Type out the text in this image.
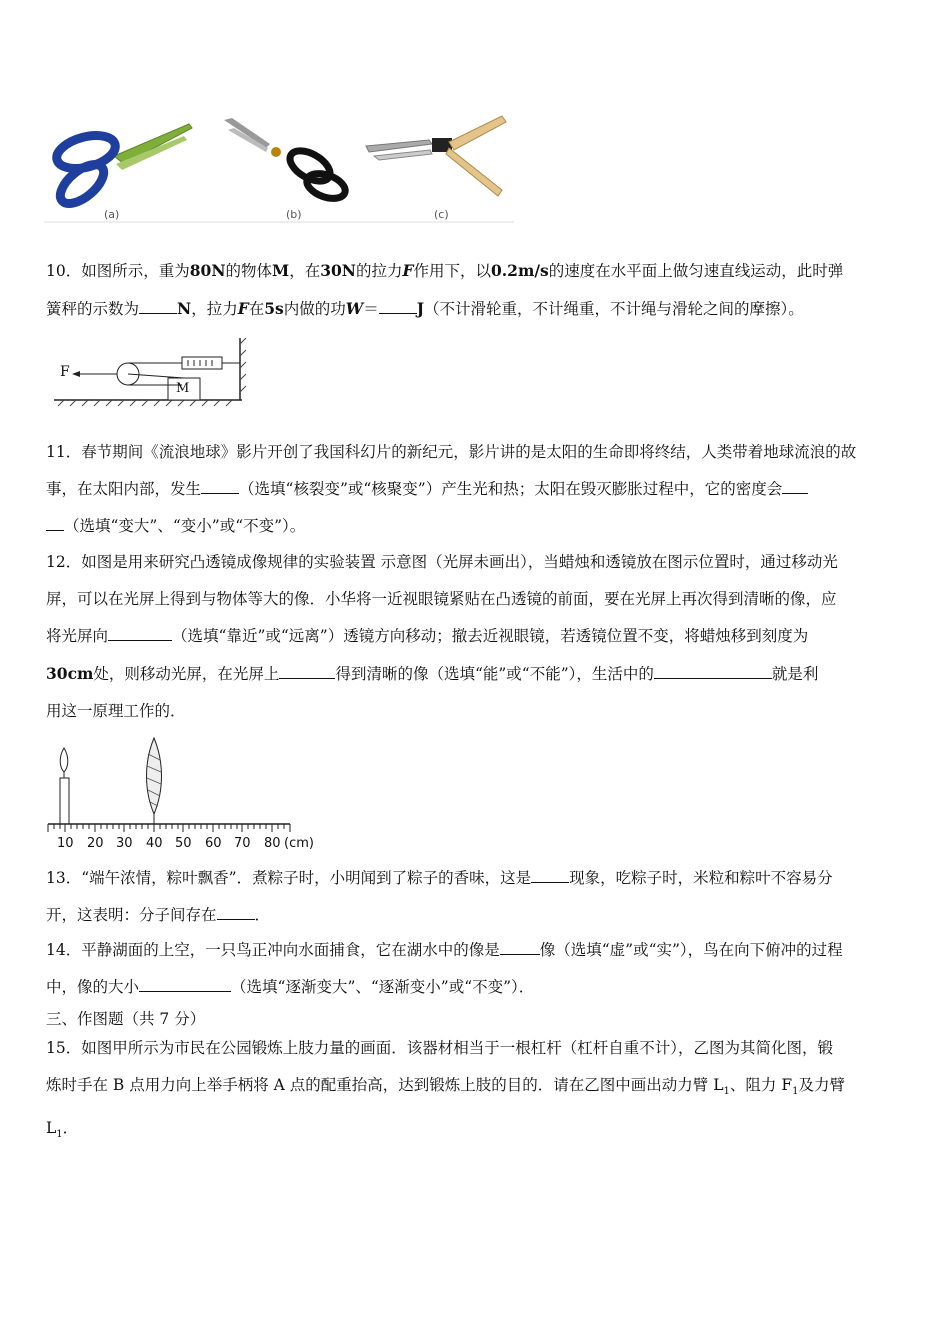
(a)	(b)	(c)

10．如图所示，重为80N的物体M，在30N的拉力F作用下，以0.2m/s的速度在水平面上做匀速直线运动，此时弹

簧秤的示数为 N，拉力F在5s内做的功W＝ J（不计滑轮重，不计绳重，不计绳与滑轮之间的摩擦）。

F
M

11．春节期间《流浪地球》影片开创了我国科幻片的新纪元，影片讲的是太阳的生命即将终结，人类带着地球流浪的故

事，在太阳内部，发生 （选填“核裂变”或“核聚变”）产生光和热；太阳在毁灭膨胀过程中，它的密度会

（选填“变大”、“变小”或“不变”）。

12．如图是用来研究凸透镜成像规律的实验装置 示意图（光屏未画出），当蜡烛和透镜放在图示位置时，通过移动光

屏，可以在光屏上得到与物体等大的像．小华将一近视眼镜紧贴在凸透镜的前面，要在光屏上再次得到清晰的像，应

将光屏向	（选填“靠近”或“远离”）透镜方向移动；撤去近视眼镜，若透镜位置不变，将蜡烛移到刻度为

30cm处，则移动光屏，在光屏上	得到清晰的像（选填“能”或“不能”），生活中的	就是利

用这一原理工作的．

10 20 30 40 50 60 70 80 (cm)

13．“端午浓情，粽叶飘香”．煮粽子时，小明闻到了粽子的香味，这是 现象，吃粽子时，米粒和粽叶不容易分

开，这表明：分子间存在 ．

14．平静湖面的上空，一只鸟正冲向水面捕食，它在湖水中的像是	像（选填“虚”或“实”），鸟在向下俯冲的过程

中，像的大小	（选填“逐渐变大”、“逐渐变小”或“不变”）．

三、作图题（共 7 分）

15．如图甲所示为市民在公园锻炼上肢力量的画面．该器材相当于一根杠杆（杠杆自重不计），乙图为其简化图，锻

炼时手在 B 点用力向上举手柄将 A 点的配重抬高，达到锻炼上肢的目的．请在乙图中画出动力臂 $L_1$、阻力 $F_1$及力臂

$L_1$．
